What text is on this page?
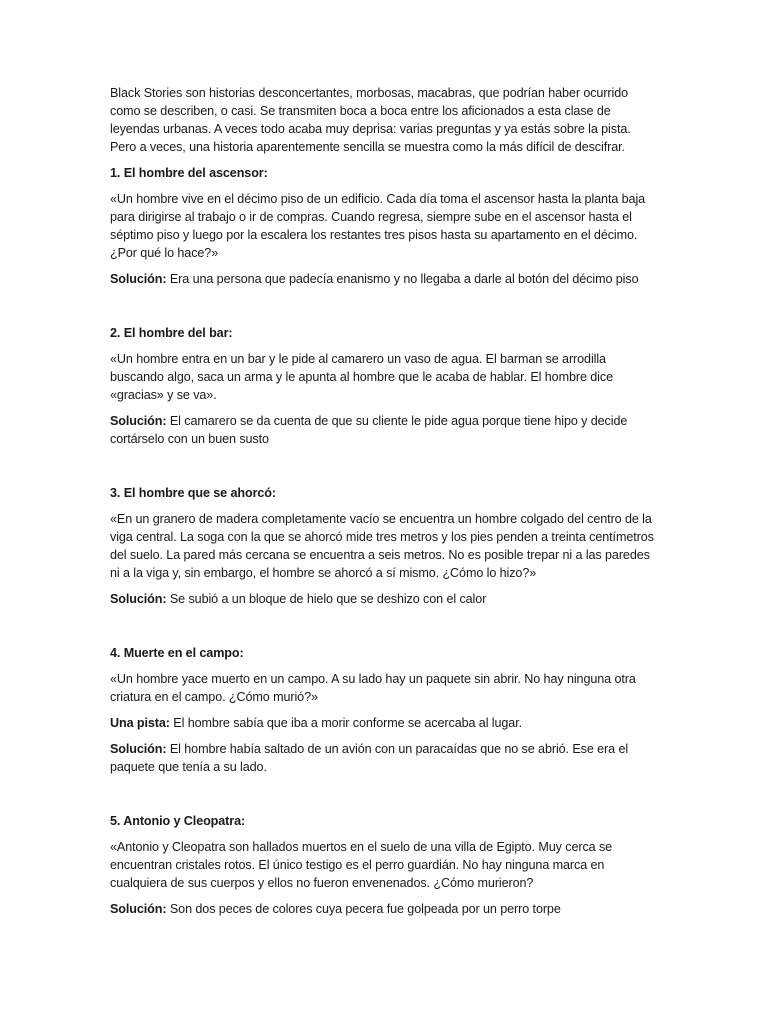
Black Stories son historias desconcertantes, morbosas, macabras, que podrían haber ocurrido como se describen, o casi. Se transmiten boca a boca entre los aficionados a esta clase de leyendas urbanas. A veces todo acaba muy deprisa: varias preguntas y ya estás sobre la pista. Pero a veces, una historia aparentemente sencilla se muestra como la más difícil de descifrar.

1. El hombre del ascensor:

«Un hombre vive en el décimo piso de un edificio. Cada día toma el ascensor hasta la planta baja para dirigirse al trabajo o ir de compras. Cuando regresa, siempre sube en el ascensor hasta el séptimo piso y luego por la escalera los restantes tres pisos hasta su apartamento en el décimo. ¿Por qué lo hace?»

Solución: Era una persona que padecía enanismo y no llegaba a darle al botón del décimo piso

2. El hombre del bar:

«Un hombre entra en un bar y le pide al camarero un vaso de agua. El barman se arrodilla buscando algo, saca un arma y le apunta al hombre que le acaba de hablar. El hombre dice «gracias» y se va».

Solución: El camarero se da cuenta de que su cliente le pide agua porque tiene hipo y decide cortárselo con un buen susto

3. El hombre que se ahorcó:

«En un granero de madera completamente vacío se encuentra un hombre colgado del centro de la viga central. La soga con la que se ahorcó mide tres metros y los pies penden a treinta centímetros del suelo. La pared más cercana se encuentra a seis metros. No es posible trepar ni a las paredes ni a la viga y, sin embargo, el hombre se ahorcó a sí mismo. ¿Cómo lo hizo?»

Solución: Se subió a un bloque de hielo que se deshizo con el calor

4. Muerte en el campo:

«Un hombre yace muerto en un campo. A su lado hay un paquete sin abrir. No hay ninguna otra criatura en el campo. ¿Cómo murió?»

Una pista: El hombre sabía que iba a morir conforme se acercaba al lugar.

Solución: El hombre había saltado de un avión con un paracaídas que no se abrió. Ese era el paquete que tenía a su lado.

5. Antonio y Cleopatra:

«Antonio y Cleopatra son hallados muertos en el suelo de una villa de Egipto. Muy cerca se encuentran cristales rotos. El único testigo es el perro guardián. No hay ninguna marca en cualquiera de sus cuerpos y ellos no fueron envenenados. ¿Cómo murieron?

Solución: Son dos peces de colores cuya pecera fue golpeada por un perro torpe
